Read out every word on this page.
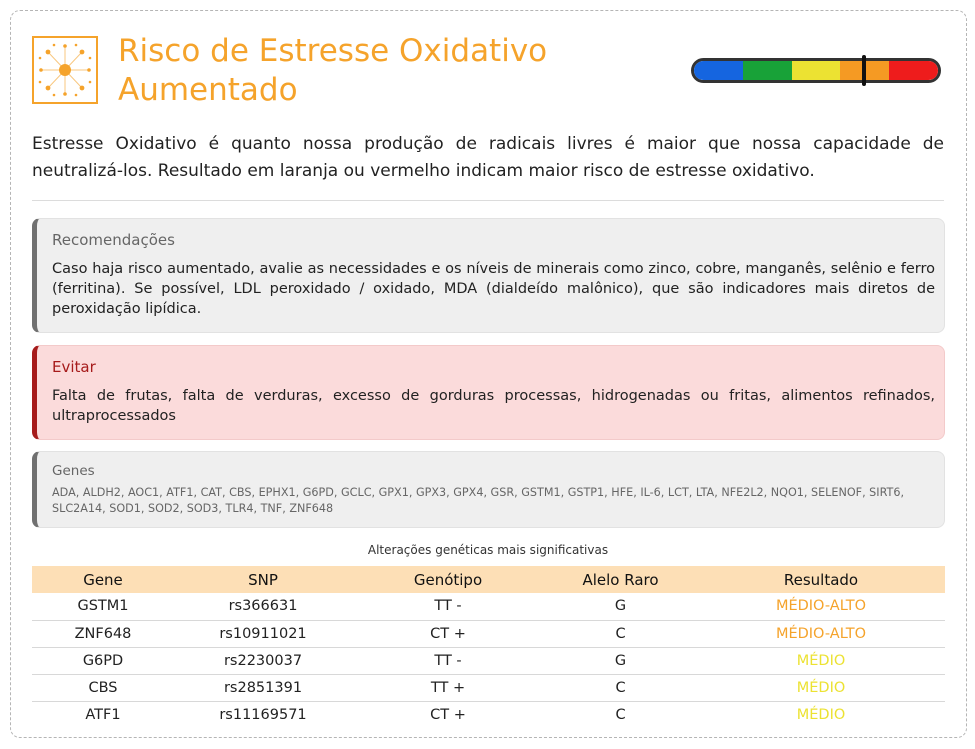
Risco de Estresse Oxidativo Aumentado

Estresse Oxidativo é quanto nossa produção de radicais livres é maior que nossa capacidade de neutralizá-los. Resultado em laranja ou vermelho indicam maior risco de estresse oxidativo.

Recomendações
Caso haja risco aumentado, avalie as necessidades e os níveis de minerais como zinco, cobre, manganês, selênio e ferro (ferritina). Se possível, LDL peroxidado / oxidado, MDA (dialdeído malônico), que são indicadores mais diretos de peroxidação lipídica.
Evitar
Falta de frutas, falta de verduras, excesso de gorduras processas, hidrogenadas ou fritas, alimentos refinados, ultraprocessados
Genes
ADA, ALDH2, AOC1, ATF1, CAT, CBS, EPHX1, G6PD, GCLC, GPX1, GPX3, GPX4, GSR, GSTM1, GSTP1, HFE, IL-6, LCT, LTA, NFE2L2, NQO1, SELENOF, SIRT6, SLC2A14, SOD1, SOD2, SOD3, TLR4, TNF, ZNF648
Alterações genéticas mais significativas
Gene	SNP	Genótipo	Alelo Raro	Resultado
GSTM1	rs366631	TT -	G	MÉDIO-ALTO
ZNF648	rs10911021	CT +	C	MÉDIO-ALTO
G6PD	rs2230037	TT -	G	MÉDIO
CBS	rs2851391	TT +	C	MÉDIO
ATF1	rs11169571	CT +	C	MÉDIO
